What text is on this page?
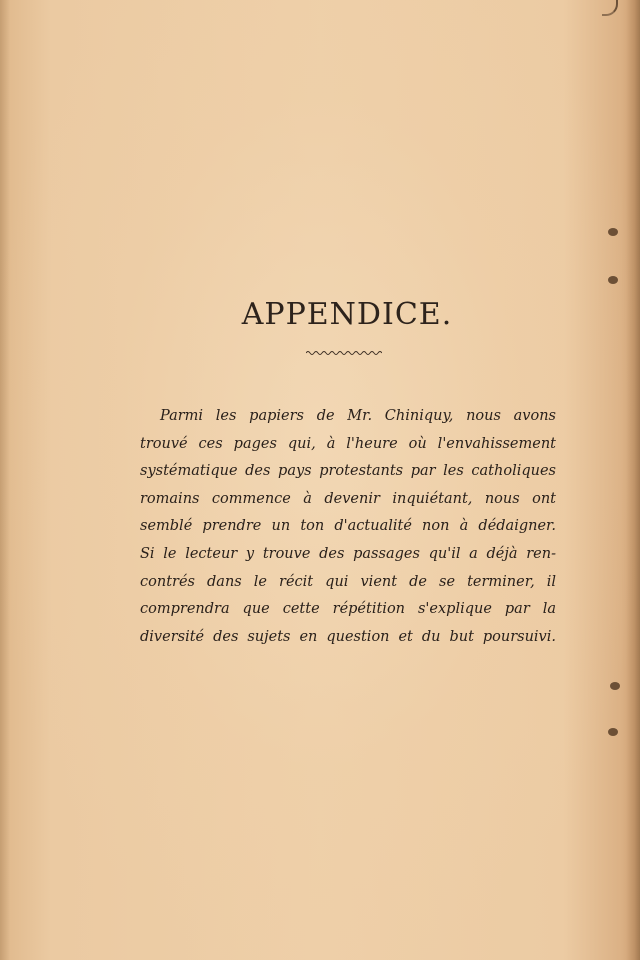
APPENDICE.

Parmi les papiers de Mr. Chiniquy, nous avons
trouvé ces pages qui, à l'heure où l'envahissement
systématique des pays protestants par les catholiques
romains commence à devenir inquiétant, nous ont
semblé prendre un ton d'actualité non à dédaigner.
Si le lecteur y trouve des passages qu'il a déjà ren-
contrés dans le récit qui vient de se terminer, il
comprendra que cette répétition s'explique par la
diversité des sujets en question et du but poursuivi.
